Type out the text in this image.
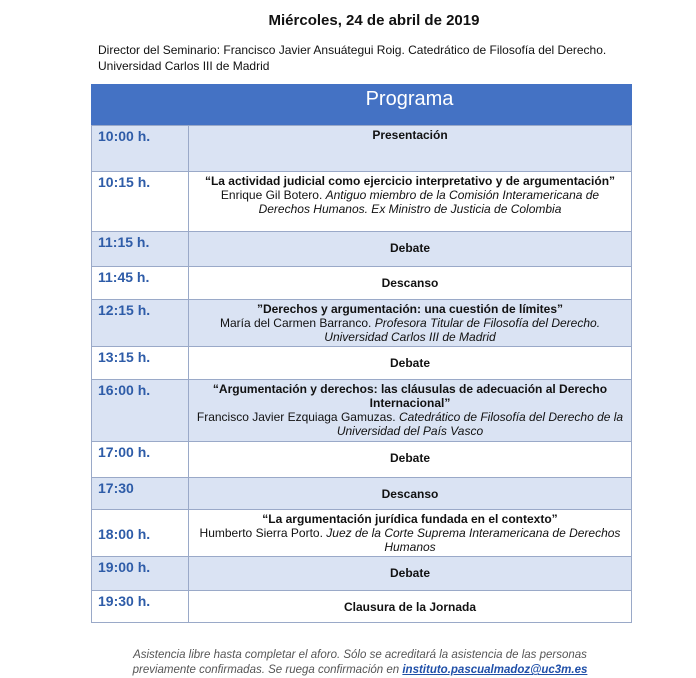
Miércoles, 24 de abril de 2019
Director del Seminario: Francisco Javier Ansuátegui Roig. Catedrático de Filosofía del Derecho.
Universidad Carlos III de Madrid
Programa
10:00 h.	Presentación

10:15 h.	“La actividad judicial como ejercicio interpretativo y de argumentación”
Enrique Gil Botero. Antiguo miembro de la Comisión Interamericana de Derechos Humanos. Ex Ministro de Justicia de Colombia

11:15 h.	Debate

11:45 h.	Descanso

12:15 h.	”Derechos y argumentación: una cuestión de límites”
María del Carmen Barranco. Profesora Titular de Filosofía del Derecho. Universidad Carlos III de Madrid

13:15 h.	Debate

16:00 h.	“Argumentación y derechos: las cláusulas de adecuación al Derecho Internacional”
Francisco Javier Ezquiaga Gamuzas. Catedrático de Filosofía del Derecho de la Universidad del País Vasco

17:00 h.	Debate

17:30	Descanso

18:00 h.	“La argumentación jurídica fundada en el contexto”
Humberto Sierra Porto. Juez de la Corte Suprema Interamericana de Derechos Humanos

19:00 h.	Debate

19:30 h.	Clausura de la Jornada
Asistencia libre hasta completar el aforo. Sólo se acreditará la asistencia de las personas
previamente confirmadas. Se ruega confirmación en instituto.pascualmadoz@uc3m.es
